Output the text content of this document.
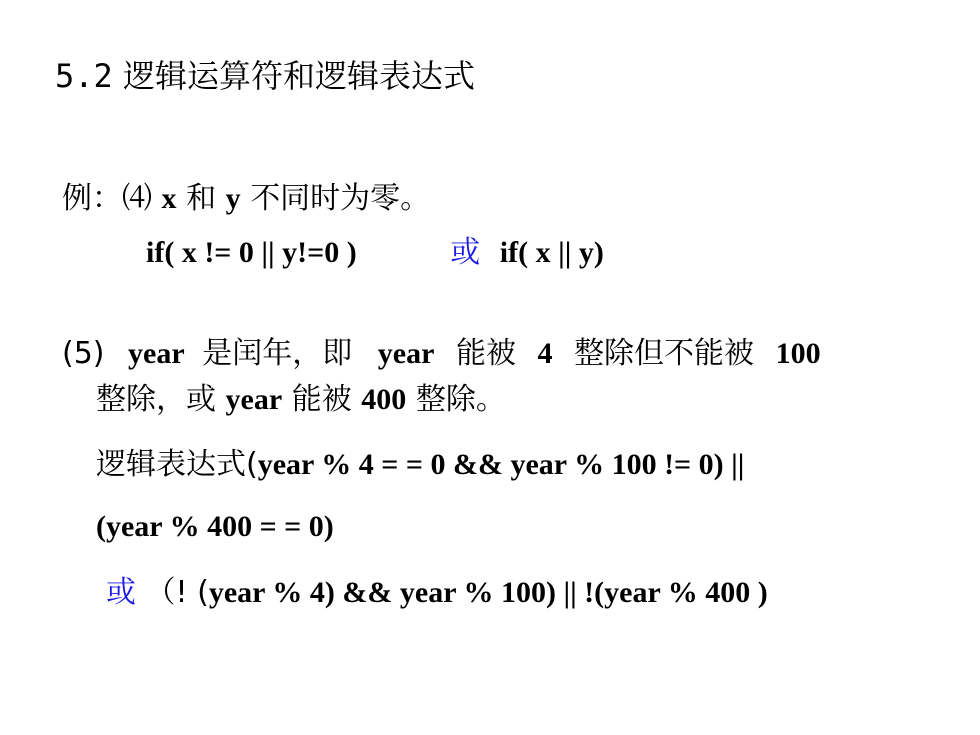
5.2 逻辑运算符和逻辑表达式
例：⑷ x 和 y 不同时为零。
if( x != 0 || y!=0 )	或 if( x || y)
(5) year 是闰年，即 year 能被 4 整除但不能被 100
整除，或 year 能被 400 整除。
逻辑表达式(year % 4 = = 0 && year % 100 != 0) ||
(year % 400 = = 0)
或 （! (year % 4) && year % 100) || !(year % 400 )
